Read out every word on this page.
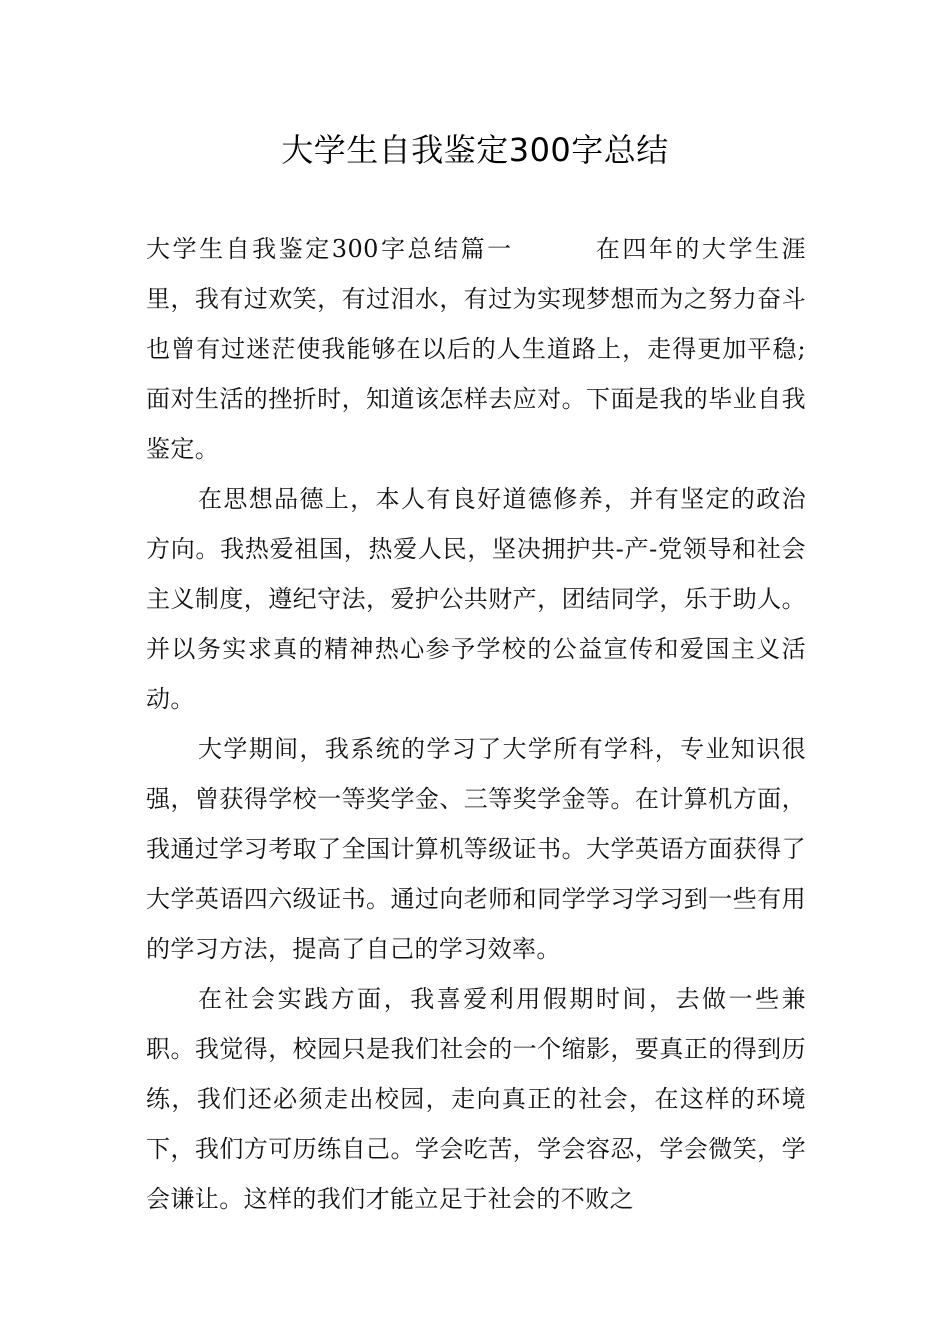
大学生自我鉴定300字总结

大学生自我鉴定300字总结篇一	在四年的大学生涯里，我有过欢笑，有过泪水，有过为实现梦想而为之努力奋斗也曾有过迷茫使我能够在以后的人生道路上，走得更加平稳;面对生活的挫折时，知道该怎样去应对。下面是我的毕业自我鉴定。

在思想品德上，本人有良好道德修养，并有坚定的政治方向。我热爱祖国，热爱人民，坚决拥护共-产-党领导和社会主义制度，遵纪守法，爱护公共财产，团结同学，乐于助人。并以务实求真的精神热心参予学校的公益宣传和爱国主义活动。

大学期间，我系统的学习了大学所有学科，专业知识很强，曾获得学校一等奖学金、三等奖学金等。在计算机方面，我通过学习考取了全国计算机等级证书。大学英语方面获得了大学英语四六级证书。通过向老师和同学学习学习到一些有用的学习方法，提高了自己的学习效率。

在社会实践方面，我喜爱利用假期时间，去做一些兼职。我觉得，校园只是我们社会的一个缩影，要真正的得到历练，我们还必须走出校园，走向真正的社会，在这样的环境下，我们方可历练自己。学会吃苦，学会容忍，学会微笑，学会谦让。这样的我们才能立足于社会的不败之
